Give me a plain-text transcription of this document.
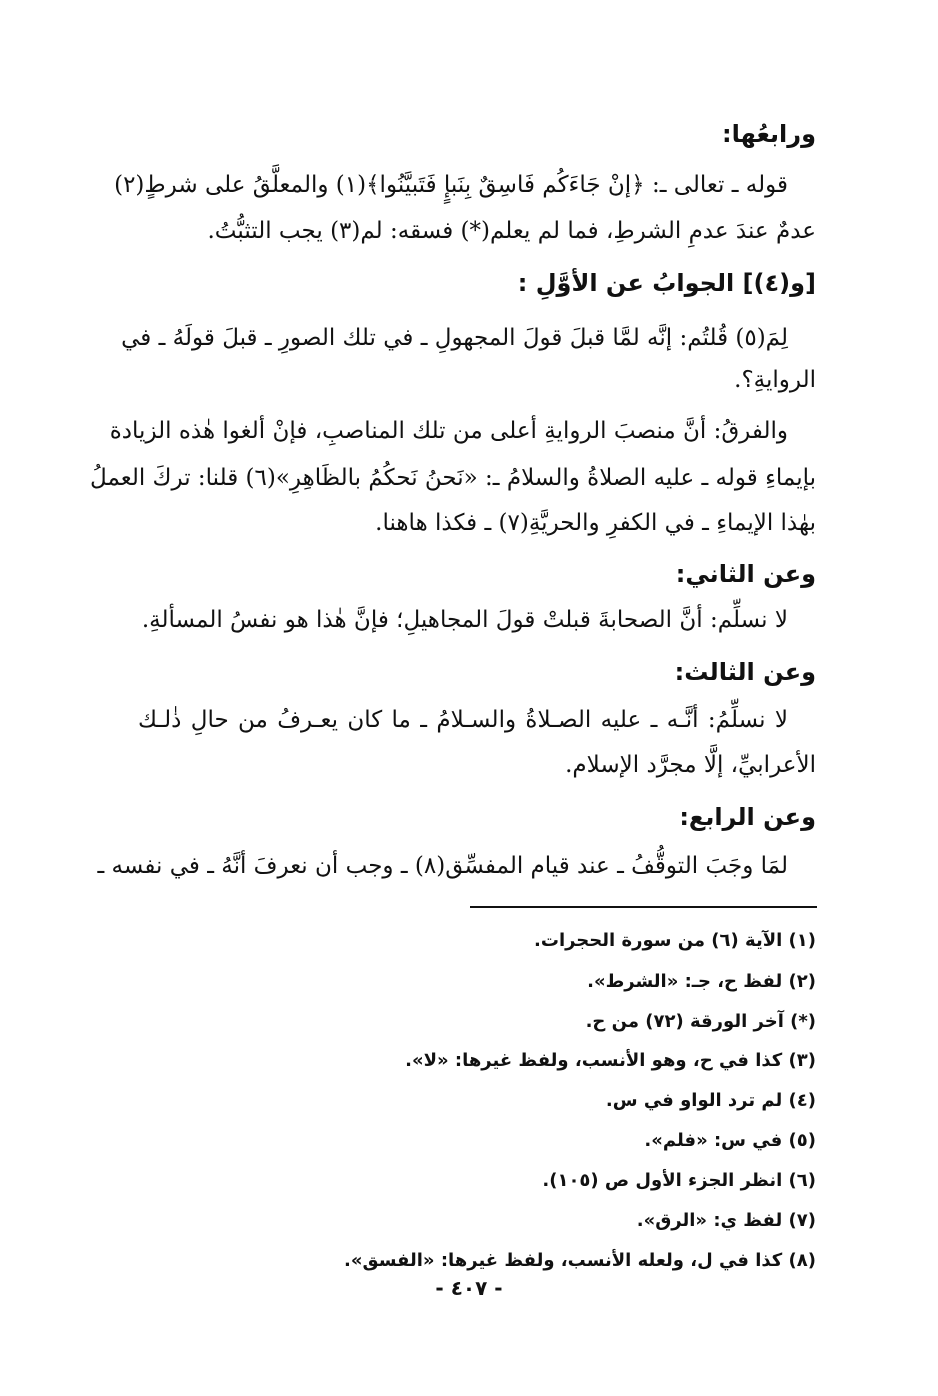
ورابعُها:
قوله ـ تعالى ـ: ﴿إنْ جَاءَكُم فَاسِقٌ بِنَبإٍ فَتَبيَّنُوا﴾(١) والمعلَّقُ على شرطٍ(٢)
عدمٌ عندَ عدمِ الشرطِ، فما لم يعلم(*) فسقه: لم(٣) يجب التثبُّتُ.
[و(٤)] الجوابُ عن الأوَّلِ :
لِمَ(٥) قُلتُم: إنَّه لمَّا قبلَ قولَ المجهولِ ـ في تلك الصورِ ـ قبلَ قولَهُ ـ في
الروايةِ؟.
والفرقُ: أنَّ منصبَ الروايةِ أعلى من تلك المناصبِ، فإنْ ألغوا هٰذه الزيادة
بإيماءِ قوله ـ عليه الصلاةُ والسلامُ ـ: «نَحنُ نَحكُمُ بالظَاهِرِ»(٦) قلنا: تركَ العملُ
بهٰذا الإيماءِ ـ في الكفرِ والحريَّةِ(٧) ـ فكذا هاهنا.
وعن الثاني:
لا نسلِّم: أنَّ الصحابةَ قبلتْ قولَ المجاهيلِ؛ فإنَّ هٰذا هو نفسُ المسألةِ.
وعن الثالث:
لا نسلِّمُ: أنَّـه ـ عليه الصـلاةُ والسـلامُ ـ ما كان يعـرفُ من حالِ ذٰلـك
الأعرابيِّ، إلَّا مجرَّد الإسلام.
وعن الرابع:
لمَا وجَبَ التوقُّفُ ـ عند قيام المفسِّق(٨) ـ وجب أن نعرفَ أنَّهُ ـ في نفسه ـ
(١) الآية (٦) من سورة الحجرات.
(٢) لفظ ح، جـ: «الشرط».
(*) آخر الورقة (٧٢) من ح.
(٣) كذا في ح، وهو الأنسب، ولفظ غيرها: «لا».
(٤) لم ترد الواو في س.
(٥) في س: «فلم».
(٦) انظر الجزء الأول ص (١٠٥).
(٧) لفظ ي: «الرق».
(٨) كذا في ل، ولعله الأنسب، ولفظ غيرها: «الفسق».
- ٤٠٧ -
